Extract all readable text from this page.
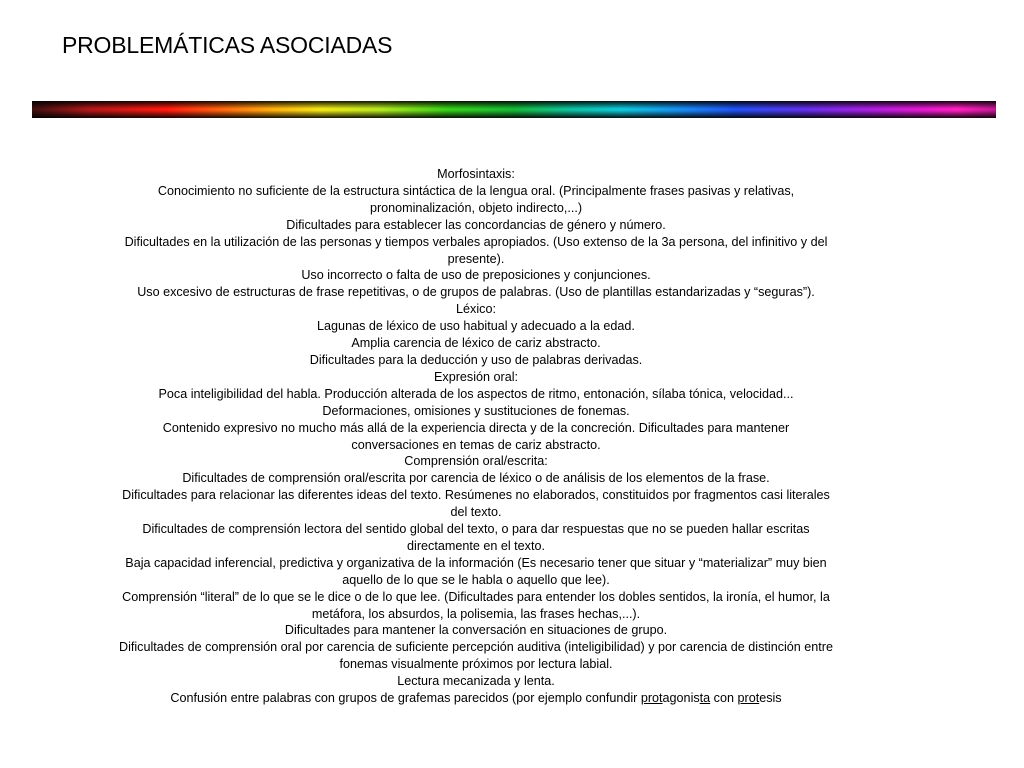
PROBLEMÁTICAS ASOCIADAS
Morfosintaxis:
Conocimiento no suficiente de la estructura sintáctica de la lengua oral. (Principalmente frases pasivas y relativas, pronominalización, objeto indirecto,...)
Dificultades para establecer las concordancias de género y número.
Dificultades en la utilización de las personas y tiempos verbales apropiados. (Uso extenso de la 3a persona, del infinitivo y del presente).
Uso incorrecto o falta de uso de preposiciones y conjunciones.
Uso excesivo de estructuras de frase repetitivas, o de grupos de palabras. (Uso de plantillas estandarizadas y “seguras”).
Léxico:
Lagunas de léxico de uso habitual y adecuado a la edad.
Amplia carencia de léxico de cariz abstracto.
Dificultades para la deducción y uso de palabras derivadas.
Expresión oral:
Poca inteligibilidad del habla. Producción alterada de los aspectos de ritmo, entonación, sílaba tónica, velocidad...
Deformaciones, omisiones y sustituciones de fonemas.
Contenido expresivo no mucho más allá de la experiencia directa y de la concreción. Dificultades para mantener conversaciones en temas de cariz abstracto.
Comprensión oral/escrita:
Dificultades de comprensión oral/escrita por carencia de léxico o de análisis de los elementos de la frase.
Dificultades para relacionar las diferentes ideas del texto. Resúmenes no elaborados, constituidos por fragmentos casi literales del texto.
Dificultades de comprensión lectora del sentido global del texto, o para dar respuestas que no se pueden hallar escritas directamente en el texto.
Baja capacidad inferencial, predictiva y organizativa de la información (Es necesario tener que situar y “materializar” muy bien aquello de lo que se le habla o aquello que lee).
Comprensión “literal” de lo que se le dice o de lo que lee. (Dificultades para entender los dobles sentidos, la ironía, el humor, la metáfora, los absurdos, la polisemia, las frases hechas,...).
Dificultades para mantener la conversación en situaciones de grupo.
Dificultades de comprensión oral por carencia de suficiente percepción auditiva (inteligibilidad) y por carencia de distinción entre fonemas visualmente próximos por lectura labial.
Lectura mecanizada y lenta.
Confusión entre palabras con grupos de grafemas parecidos (por ejemplo confundir protagonista con protesis
